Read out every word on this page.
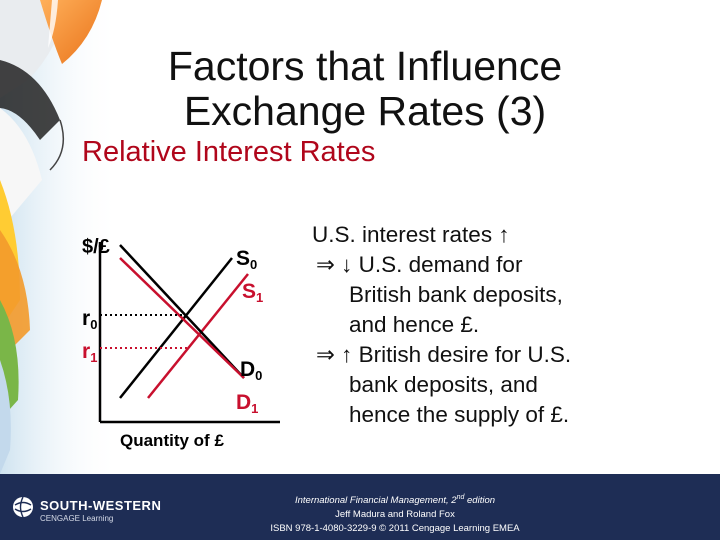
Factors that Influence Exchange Rates (3)
Relative Interest Rates
$/£
Quantity of £
$r_0$
$r_1$
$S_0$
$S_1$
$D_0$
$D_1$
U.S. interest rates ↑
⇒ ↓ U.S. demand for
British bank deposits,
and hence £.
⇒ ↑ British desire for U.S.
bank deposits, and
hence the supply of £.
SOUTH-WESTERN
CENGAGE Learning
International Financial Management, 2nd edition
Jeff Madura and Roland Fox
ISBN 978-1-4080-3229-9 © 2011 Cengage Learning EMEA
